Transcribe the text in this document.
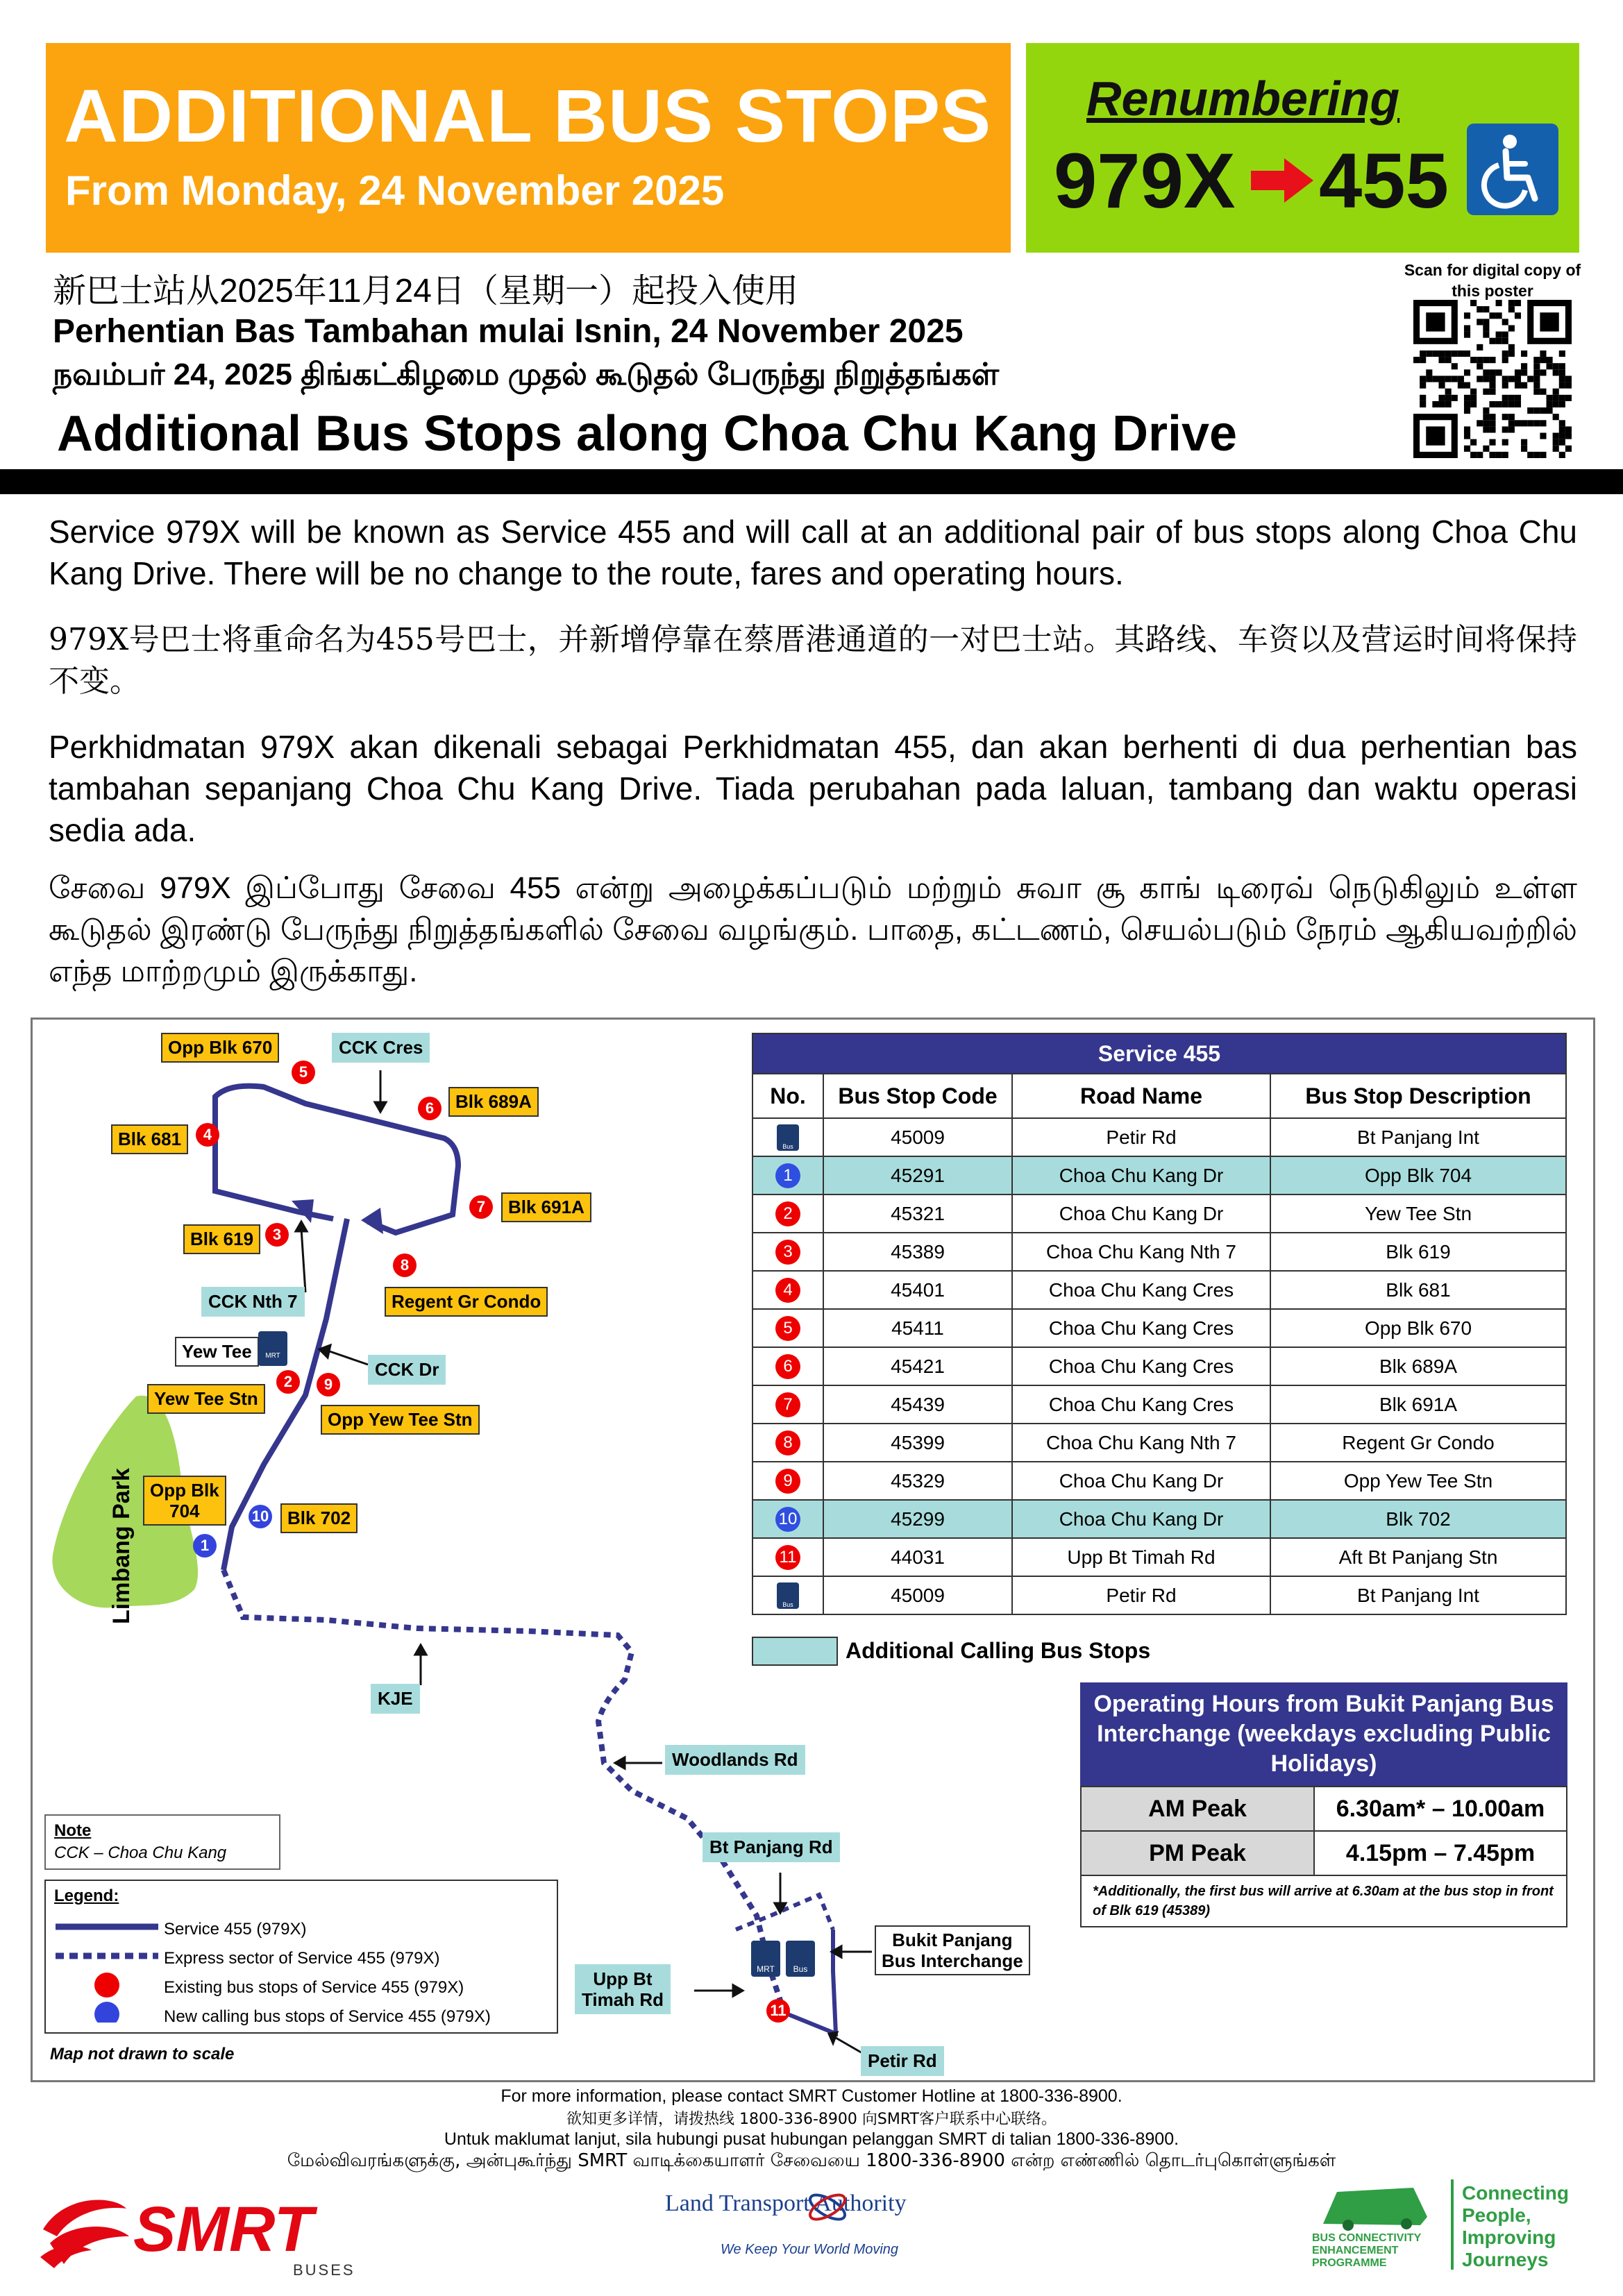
ADDITIONAL BUS STOPS
From Monday, 24 November 2025
Renumbering
979X 455
新巴士站从2025年11月24日（星期一）起投入使用
Perhentian Bas Tambahan mulai Isnin, 24 November 2025
நவம்பர் 24, 2025 திங்கட்கிழமை முதல் கூடுதல் பேருந்து நிறுத்தங்கள்
Additional Bus Stops along Choa Chu Kang Drive
Scan for digital copy of this poster
Service 979X will be known as Service 455 and will call at an additional pair of bus stops along Choa Chu Kang Drive. There will be no change to the route, fares and operating hours.
979X号巴士将重命名为455号巴士，并新增停靠在蔡厝港通道的一对巴士站。其路线、车资以及营运时间将保持不变。
Perkhidmatan 979X akan dikenali sebagai Perkhidmatan 455, dan akan berhenti di dua perhentian bas tambahan sepanjang Choa Chu Kang Drive. Tiada perubahan pada laluan, tambang dan waktu operasi sedia ada.
சேவை 979X இப்போது சேவை 455 என்று அழைக்கப்படும் மற்றும் சுவா சூ காங் டிரைவ் நெடுகிலும் உள்ள கூடுதல் இரண்டு பேருந்து நிறுத்தங்களில் சேவை வழங்கும். பாதை, கட்டணம், செயல்படும் நேரம் ஆகியவற்றில் எந்த மாற்றமும் இருக்காது.
Opp Blk 670	CCK Cres
Blk 689A
Blk 681
Blk 691A
Blk 619
Regent Gr Condo
CCK Nth 7
Yew Tee	MRT
CCK Dr
Yew Tee Stn
Opp Yew Tee Stn
Opp Blk
704	Blk 702
Limbang Park
KJE
Woodlands Rd
Bt Panjang Rd
Bukit Panjang
Bus Interchange
Upp Bt
Timah Rd
Petir Rd
MRT	Bus
5
6
4
7
3
8
2	9
10
1
11
Note
CCK – Choa Chu Kang
Legend:
Service 455 (979X)
Express sector of Service 455 (979X)
Existing bus stops of Service 455 (979X)
New calling bus stops of Service 455 (979X)
Map not drawn to scale
Service 455			
No.	Bus Stop Code	Road Name	Bus Stop Description

Bus	45009	Petir Rd	Bt Panjang Int
1	45291	Choa Chu Kang Dr	Opp Blk 704
2	45321	Choa Chu Kang Dr	Yew Tee Stn
3	45389	Choa Chu Kang Nth 7	Blk 619
4	45401	Choa Chu Kang Cres	Blk 681
5	45411	Choa Chu Kang Cres	Opp Blk 670
6	45421	Choa Chu Kang Cres	Blk 689A
7	45439	Choa Chu Kang Cres	Blk 691A
8	45399	Choa Chu Kang Nth 7	Regent Gr Condo
9	45329	Choa Chu Kang Dr	Opp Yew Tee Stn
10	45299	Choa Chu Kang Dr	Blk 702
11	44031	Upp Bt Timah Rd	Aft Bt Panjang Stn

Bus	45009	Petir Rd	Bt Panjang Int
Additional Calling Bus Stops
Operating Hours from Bukit Panjang Bus Interchange (weekdays excluding Public Holidays)
AM Peak	6.30am* – 10.00am
PM Peak	4.15pm – 7.45pm
*Additionally, the first bus will arrive at 6.30am at the bus stop in front of Blk 619 (45389)
For more information, please contact SMRT Customer Hotline at 1800-336-8900.
欲知更多详情，请拨热线 1800-336-8900 向SMRT客户联系中心联络。
Untuk maklumat lanjut, sila hubungi pusat hubungan pelanggan SMRT di talian 1800-336-8900.
மேல்விவரங்களுக்கு, அன்புகூர்ந்து SMRT வாடிக்கையாளர் சேவையை 1800-336-8900 என்ற எண்ணில் தொடர்புகொள்ளுங்கள்
SMRT
BUSES
Land Transport Authority
We Keep Your World Moving
BUS CONNECTIVITY ENHANCEMENT PROGRAMME
Connecting People, Improving Journeys
